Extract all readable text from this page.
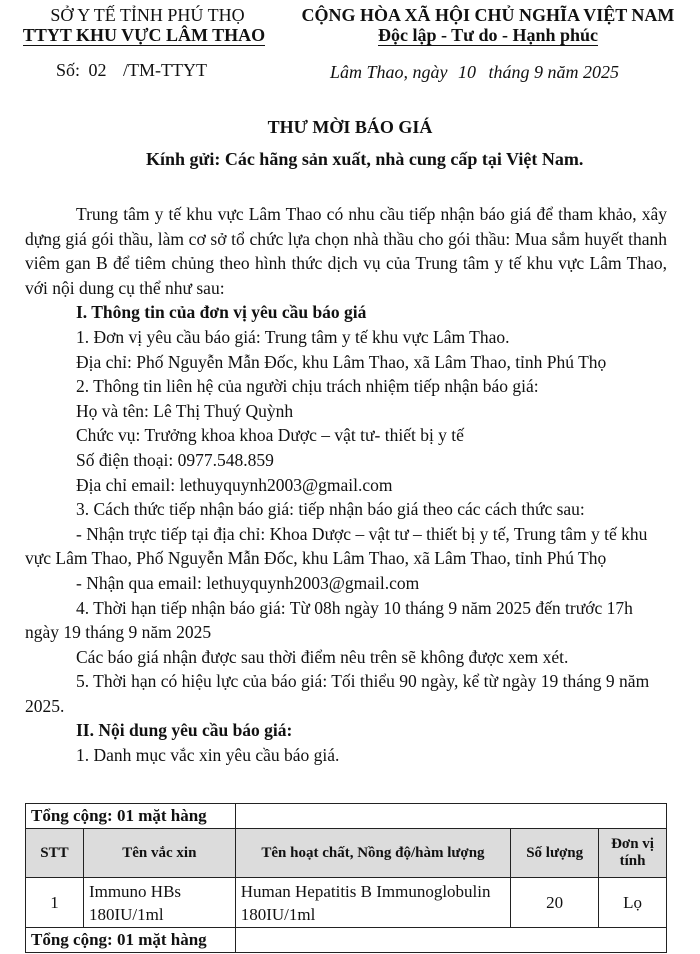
SỞ Y TẾ TỈNH PHÚ THỌ
TTYT KHU VỰC LÂM THAO
CỘNG HÒA XÃ HỘI CHỦ NGHĨA VIỆT NAM
Độc lập - Tư do - Hạnh phúc
Số: 02 /TM-TTYT	Lâm Thao, ngày 10 tháng 9 năm 2025
THƯ MỜI BÁO GIÁ
Kính gửi: Các hãng sản xuất, nhà cung cấp tại Việt Nam.

Trung tâm y tế khu vực Lâm Thao có nhu cầu tiếp nhận báo giá để tham khảo, xây dựng giá gói thầu, làm cơ sở tổ chức lựa chọn nhà thầu cho gói thầu: Mua sắm huyết thanh viêm gan B để tiêm chủng theo hình thức dịch vụ của Trung tâm y tế khu vực Lâm Thao, với nội dung cụ thể như sau:

I. Thông tin của đơn vị yêu cầu báo giá

1. Đơn vị yêu cầu báo giá: Trung tâm y tế khu vực Lâm Thao.

Địa chỉ: Phố Nguyễn Mẫn Đốc, khu Lâm Thao, xã Lâm Thao, tỉnh Phú Thọ

2. Thông tin liên hệ của người chịu trách nhiệm tiếp nhận báo giá:

Họ và tên: Lê Thị Thuý Quỳnh

Chức vụ: Trưởng khoa khoa Dược – vật tư- thiết bị y tế

Số điện thoại: 0977.548.859

Địa chỉ email: lethuyquynh2003@gmail.com

3. Cách thức tiếp nhận báo giá: tiếp nhận báo giá theo các cách thức sau:

- Nhận trực tiếp tại địa chỉ: Khoa Dược – vật tư – thiết bị y tế, Trung tâm y tế khu vực Lâm Thao, Phố Nguyễn Mẫn Đốc, khu Lâm Thao, xã Lâm Thao, tỉnh Phú Thọ

- Nhận qua email: lethuyquynh2003@gmail.com

4. Thời hạn tiếp nhận báo giá: Từ 08h ngày 10 tháng 9 năm 2025 đến trước 17h ngày 19 tháng 9 năm 2025

Các báo giá nhận được sau thời điểm nêu trên sẽ không được xem xét.

5. Thời hạn có hiệu lực của báo giá: Tối thiểu 90 ngày, kể từ ngày 19 tháng 9 năm 2025.

II. Nội dung yêu cầu báo giá:

1. Danh mục vắc xin yêu cầu báo giá.

Tổng cộng: 01 mặt hàng				
STT	Tên vắc xin	Tên hoạt chất, Nồng độ/hàm lượng	Số lượng	Đơn vị tính
1	Immuno HBs 180IU/1ml	Human Hepatitis B Immunoglobulin 180IU/1ml	20	Lọ
Tổng cộng: 01 mặt hàng				
